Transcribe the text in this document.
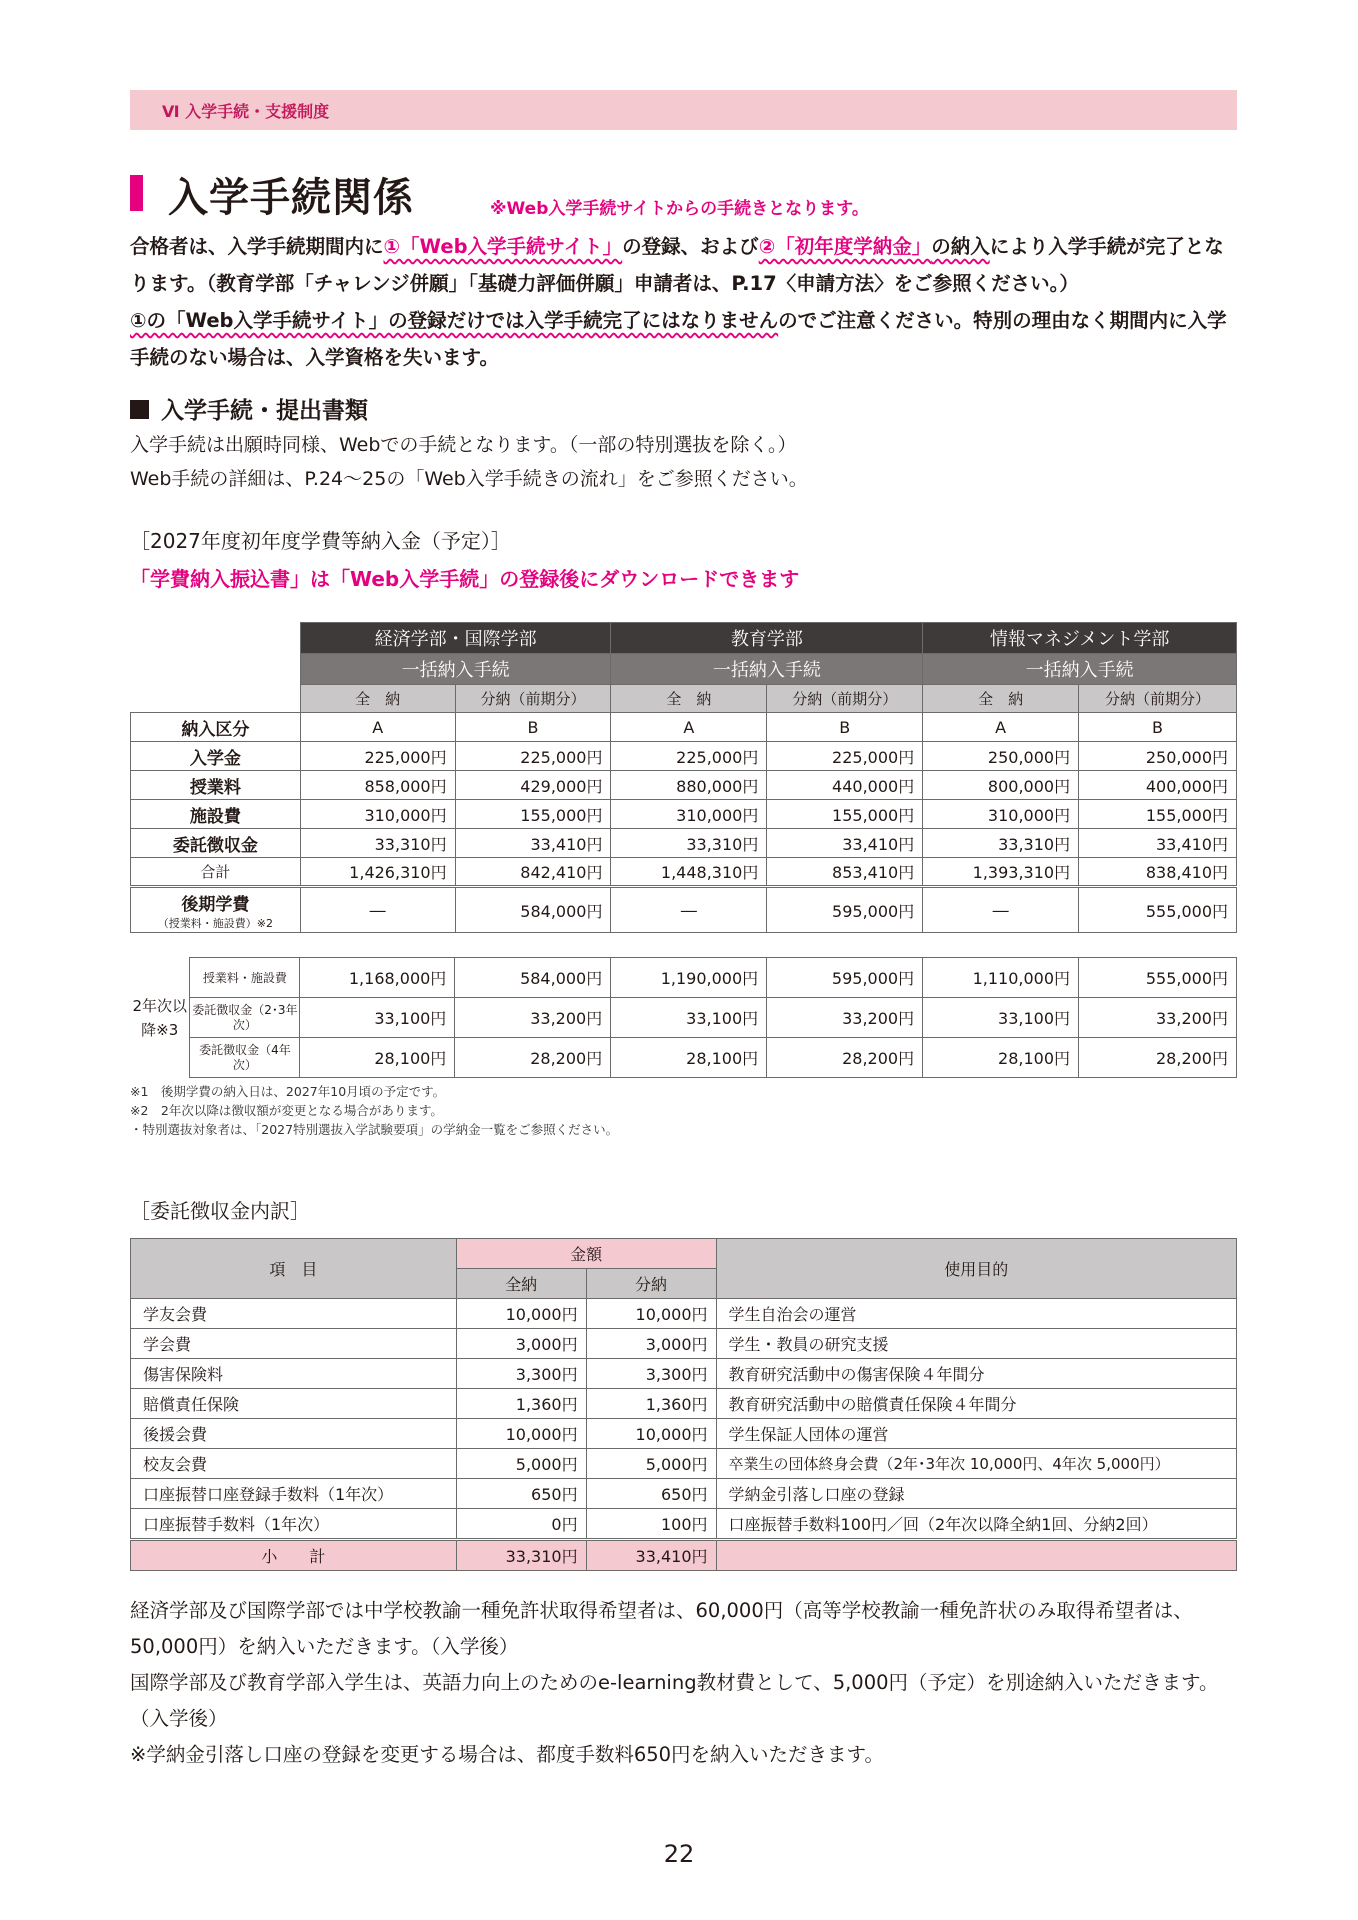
Ⅵ 入学手続・支援制度
入学手続関係	※Web入学手続サイトからの手続きとなります。
合格者は、入学手続期間内に①「Web入学手続サイト」の登録、および②「初年度学納金」の納入により入学手続が完了となります。（教育学部「チャレンジ併願」「基礎力評価併願」申請者は、P.17〈申請方法〉をご参照ください。）
①の「Web入学手続サイト」の登録だけでは入学手続完了にはなりませんのでご注意ください。特別の理由なく期間内に入学手続のない場合は、入学資格を失います。
入学手続・提出書類
入学手続は出願時同様、Webでの手続となります。（一部の特別選抜を除く。）
Web手続の詳細は、P.24～25の「Web入学手続きの流れ」をご参照ください。
［2027年度初年度学費等納入金（予定）］
「学費納入振込書」は「Web入学手続」の登録後にダウンロードできます
	経済学部・国際学部		教育学部		情報マネジメント学部	
	一括納入手続		一括納入手続		一括納入手続	
	全　納	分納（前期分）	全　納	分納（前期分）	全　納	分納（前期分）
納入区分	A	B	A	B	A	B
入学金	225,000円	225,000円	225,000円	225,000円	250,000円	250,000円
授業料	858,000円	429,000円	880,000円	440,000円	800,000円	400,000円
施設費	310,000円	155,000円	310,000円	155,000円	310,000円	155,000円
委託徴収金	33,310円	33,410円	33,310円	33,410円	33,310円	33,410円
合計	1,426,310円	842,410円	1,448,310円	853,410円	1,393,310円	838,410円

後期学費
（授業料・施設費）※2	―	584,000円	―	595,000円	―	555,000円

2年次以降※3	授業料・施設費	1,168,000円	584,000円	1,190,000円	595,000円	1,110,000円	555,000円
	委託徴収金（2･3年次）	33,100円	33,200円	33,100円	33,200円	33,100円	33,200円
	委託徴収金（4年次）	28,100円	28,200円	28,100円	28,200円	28,100円	28,200円
※1　後期学費の納入日は、2027年10月頃の予定です。
※2　2年次以降は徴収額が変更となる場合があります。
・特別選抜対象者は、「2027特別選抜入学試験要項」の学納金一覧をご参照ください。
［委託徴収金内訳］
項　目	金額		使用目的
	全納	分納	
学友会費	10,000円	10,000円	学生自治会の運営
学会費	3,000円	3,000円	学生・教員の研究支援
傷害保険料	3,300円	3,300円	教育研究活動中の傷害保険４年間分
賠償責任保険	1,360円	1,360円	教育研究活動中の賠償責任保険４年間分
後援会費	10,000円	10,000円	学生保証人団体の運営
校友会費	5,000円	5,000円	卒業生の団体終身会費（2年･3年次 10,000円、4年次 5,000円）
口座振替口座登録手数料（1年次）	650円	650円	学納金引落し口座の登録
口座振替手数料（1年次）	0円	100円	口座振替手数料100円／回（2年次以降全納1回、分納2回）
小　　計	33,310円	33,410円	
経済学部及び国際学部では中学校教諭一種免許状取得希望者は、60,000円（高等学校教諭一種免許状のみ取得希望者は、50,000円）を納入いただきます。（入学後）
国際学部及び教育学部入学生は、英語力向上のためのe-learning教材費として、5,000円（予定）を別途納入いただきます。（入学後）
※学納金引落し口座の登録を変更する場合は、都度手数料650円を納入いただきます。
22
